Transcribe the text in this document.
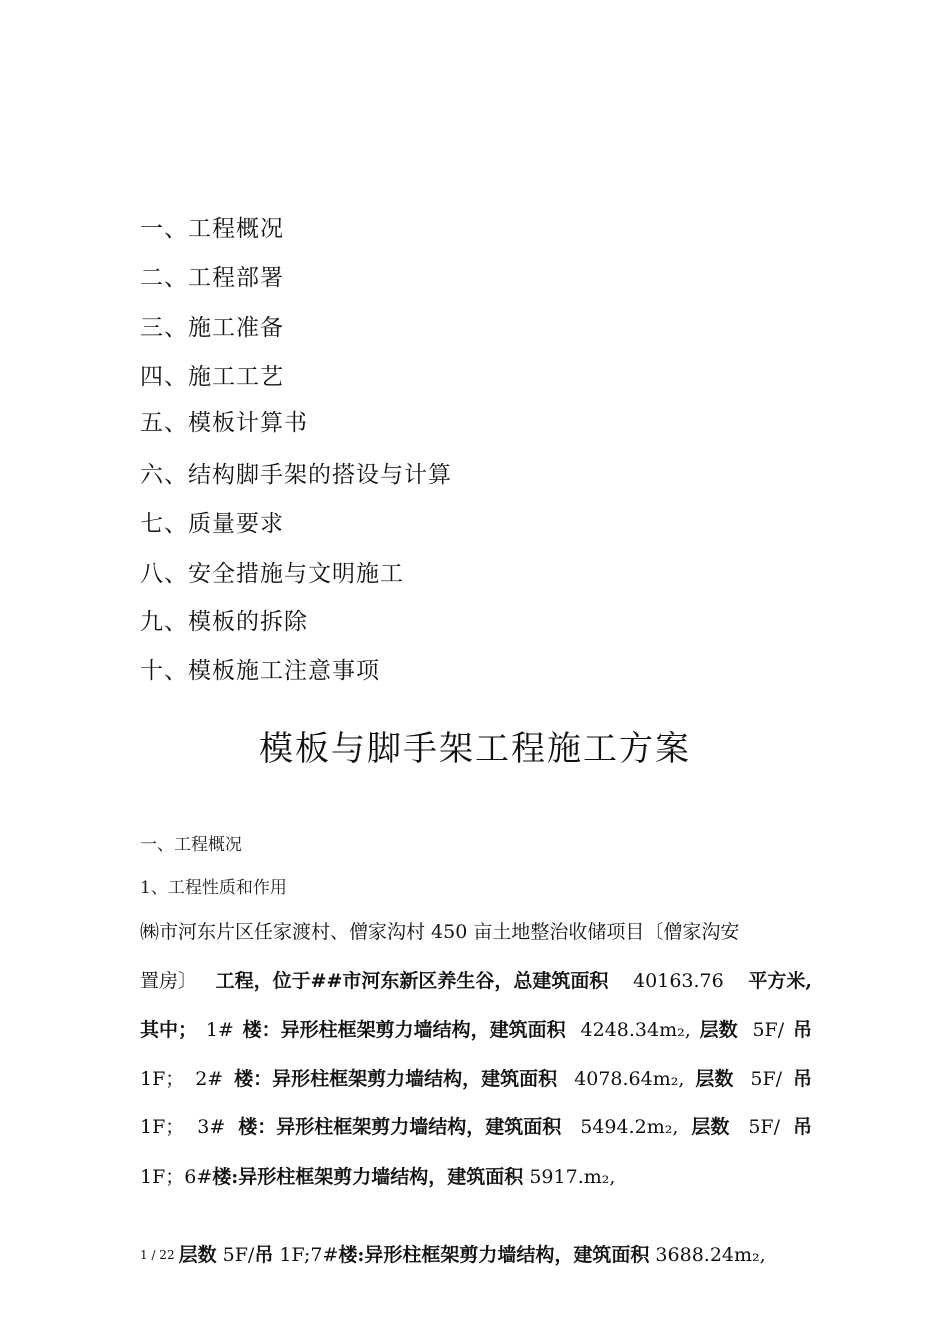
一、工程概况
二、工程部署
三、施工准备
四、施工工艺
五、模板计算书
六、结构脚手架的搭设与计算
七、质量要求
八、安全措施与文明施工
九、模板的拆除
十、模板施工注意事项
模板与脚手架工程施工方案
一、工程概况
1、工程性质和作用
㈱市河东片区任家渡村、僧家沟村 450 亩土地整治收储项目〔僧家沟安
置房〕 工程，位于##市河东新区养生谷，总建筑面积 40163.76 平方米,
其中； 1# 楼：异形柱框架剪力墙结构，建筑面积 4248.34m₂, 层数 5F/ 吊
1F； 2# 楼：异形柱框架剪力墙结构，建筑面积 4078.64m₂, 层数 5F/ 吊
1F； 3# 楼：异形柱框架剪力墙结构，建筑面积 5494.2m₂, 层数 5F/ 吊
1F；6# 楼:异形柱框架剪力墙结构，建筑面积 5917.m₂,
1 / 22 层数 5F/ 吊 1F;7# 楼:异形柱框架剪力墙结构，建筑面积 3688.24m₂,
